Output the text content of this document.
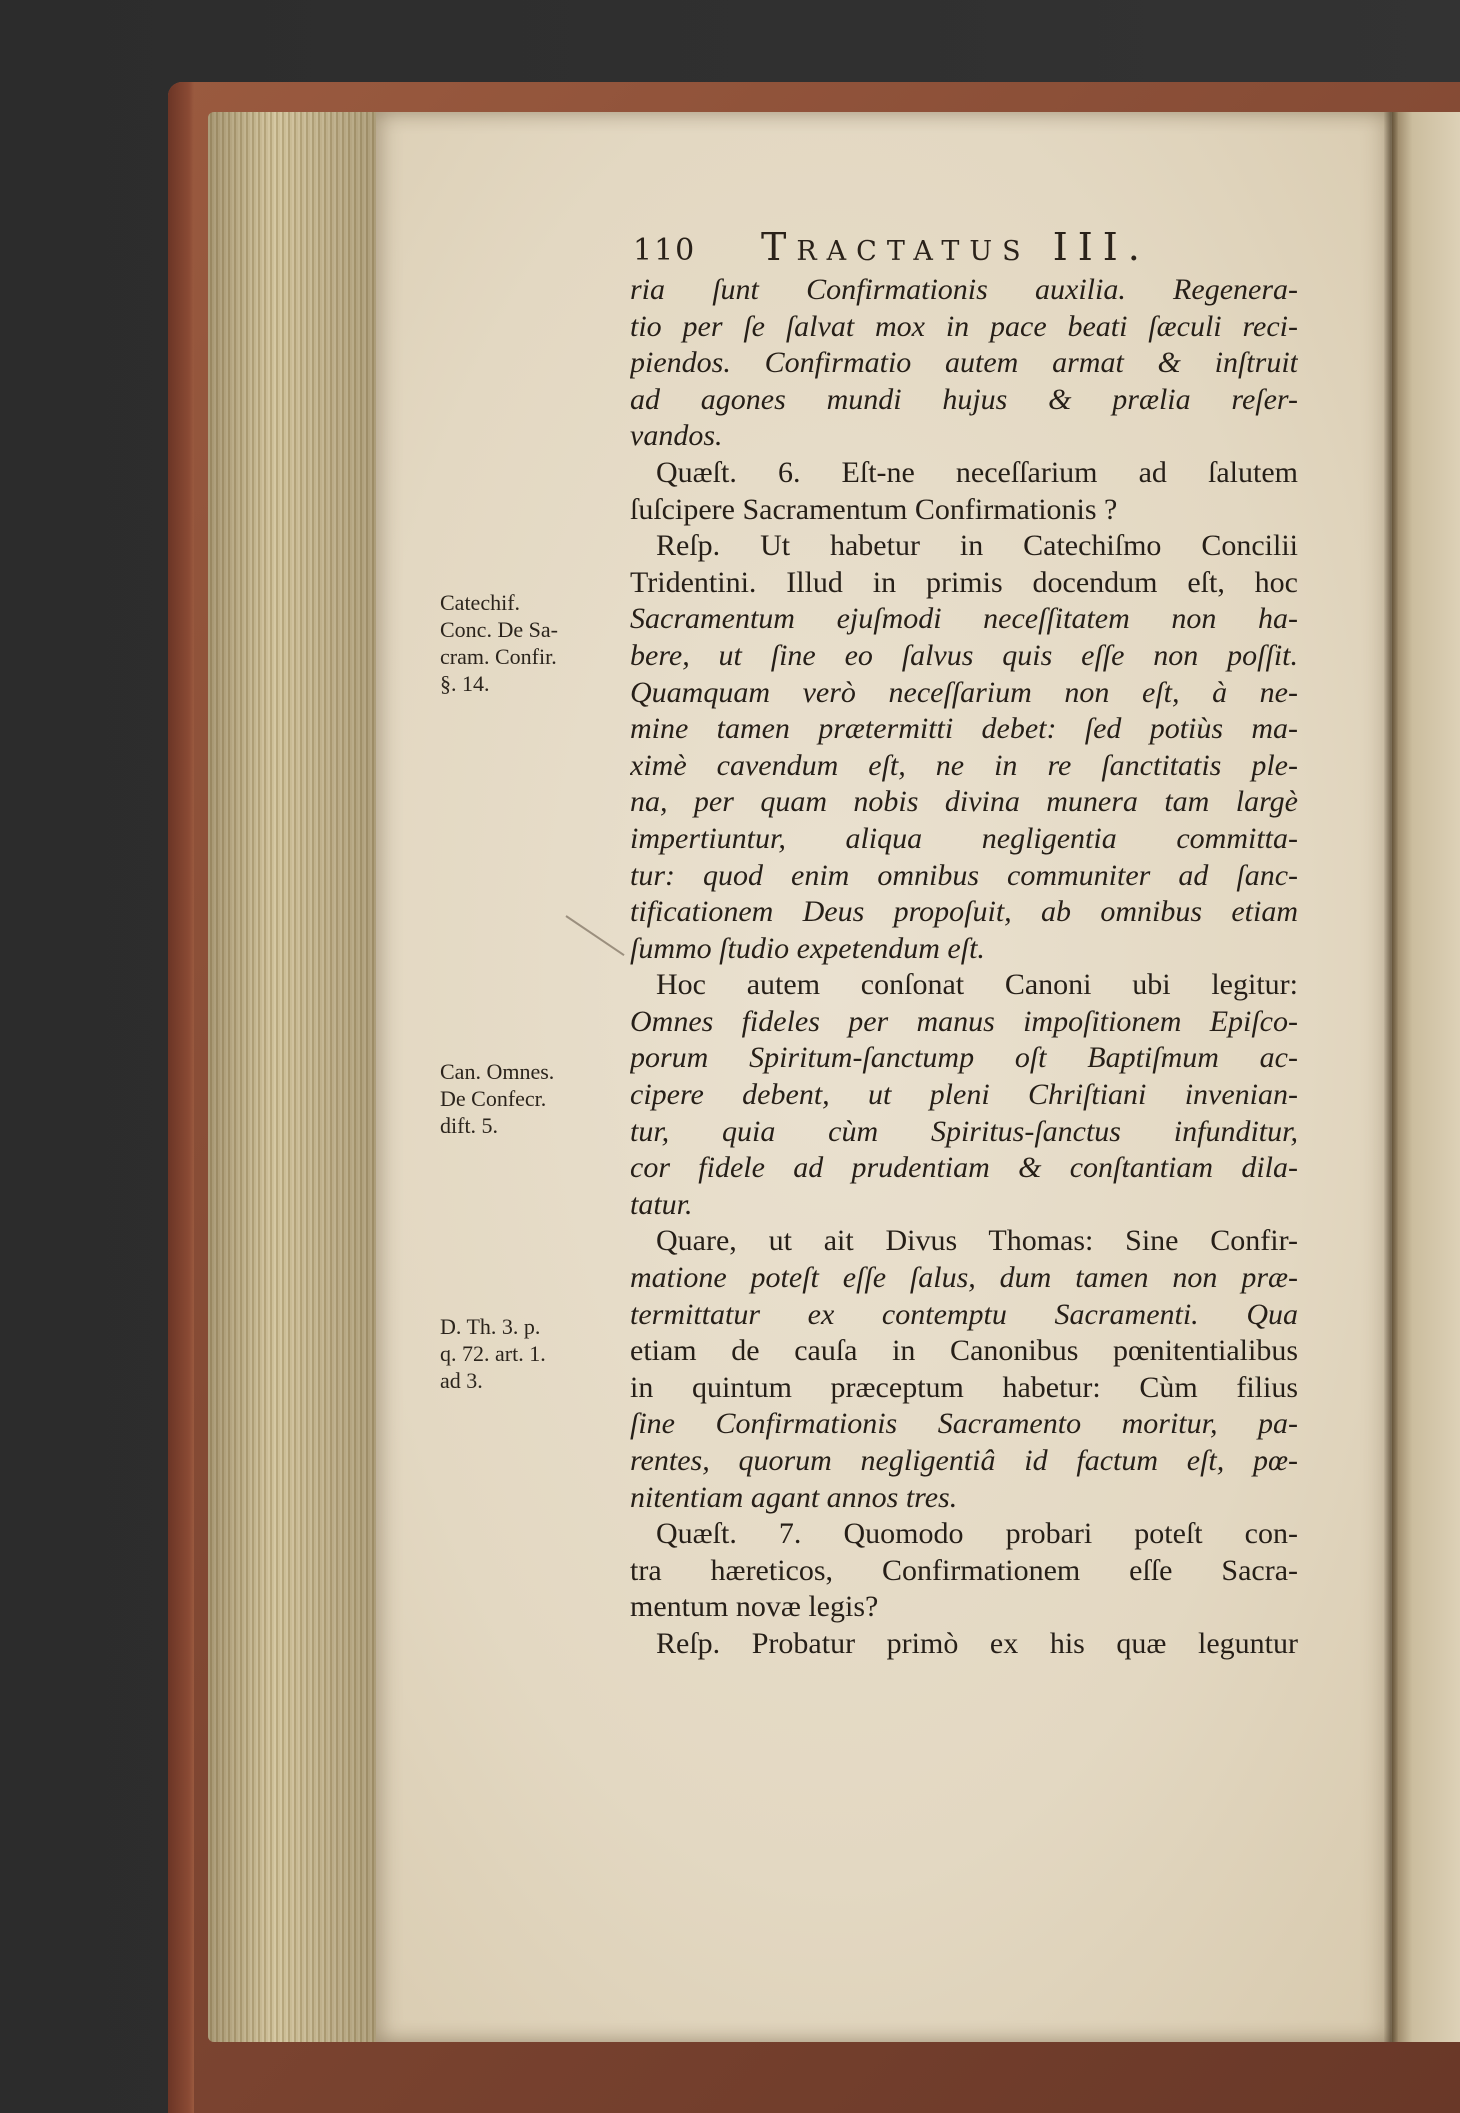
110 Tractatus III.
Catechif.
Conc. De Sa-
cram. Confir.
§. 14.
Can. Omnes.
De Confecr.
dift. 5.
D. Th. 3. p.
q. 72. art. 1.
ad 3.
ria ſunt Confirmationis auxilia. Regenera-
tio per ſe ſalvat mox in pace beati ſæculi reci-
piendos. Confirmatio autem armat & inſtruit
ad agones mundi hujus & prælia reſer-
vandos.
Quæſt. 6. Eſt-ne neceſſarium ad ſalutem
ſuſcipere Sacramentum Confirmationis ?
Reſp. Ut habetur in Catechiſmo Concilii
Tridentini. Illud in primis docendum eſt, hoc
Sacramentum ejuſmodi neceſſitatem non ha-
bere, ut ſine eo ſalvus quis eſſe non poſſit.
Quamquam verò neceſſarium non eſt, à ne-
mine tamen prætermitti debet: ſed potiùs ma-
ximè cavendum eſt, ne in re ſanctitatis ple-
na, per quam nobis divina munera tam largè
impertiuntur, aliqua negligentia committa-
tur: quod enim omnibus communiter ad ſanc-
tificationem Deus propoſuit, ab omnibus etiam
ſummo ſtudio expetendum eſt.
Hoc autem conſonat Canoni ubi legitur:
Omnes fideles per manus impoſitionem Epiſco-
porum Spiritum-ſanctump oſt Baptiſmum ac-
cipere debent, ut pleni Chriſtiani invenian-
tur, quia cùm Spiritus-ſanctus infunditur,
cor fidele ad prudentiam & conſtantiam dila-
tatur.
Quare, ut ait Divus Thomas: Sine Confir-
matione poteſt eſſe ſalus, dum tamen non præ-
termittatur ex contemptu Sacramenti. Qua
etiam de cauſa in Canonibus pœnitentialibus
in quintum præceptum habetur: Cùm filius
ſine Confirmationis Sacramento moritur, pa-
rentes, quorum negligentiâ id factum eſt, pœ-
nitentiam agant annos tres.
Quæſt. 7. Quomodo probari poteſt con-
tra hæreticos, Confirmationem eſſe Sacra-
mentum novæ legis?
Reſp. Probatur primò ex his quæ leguntur
